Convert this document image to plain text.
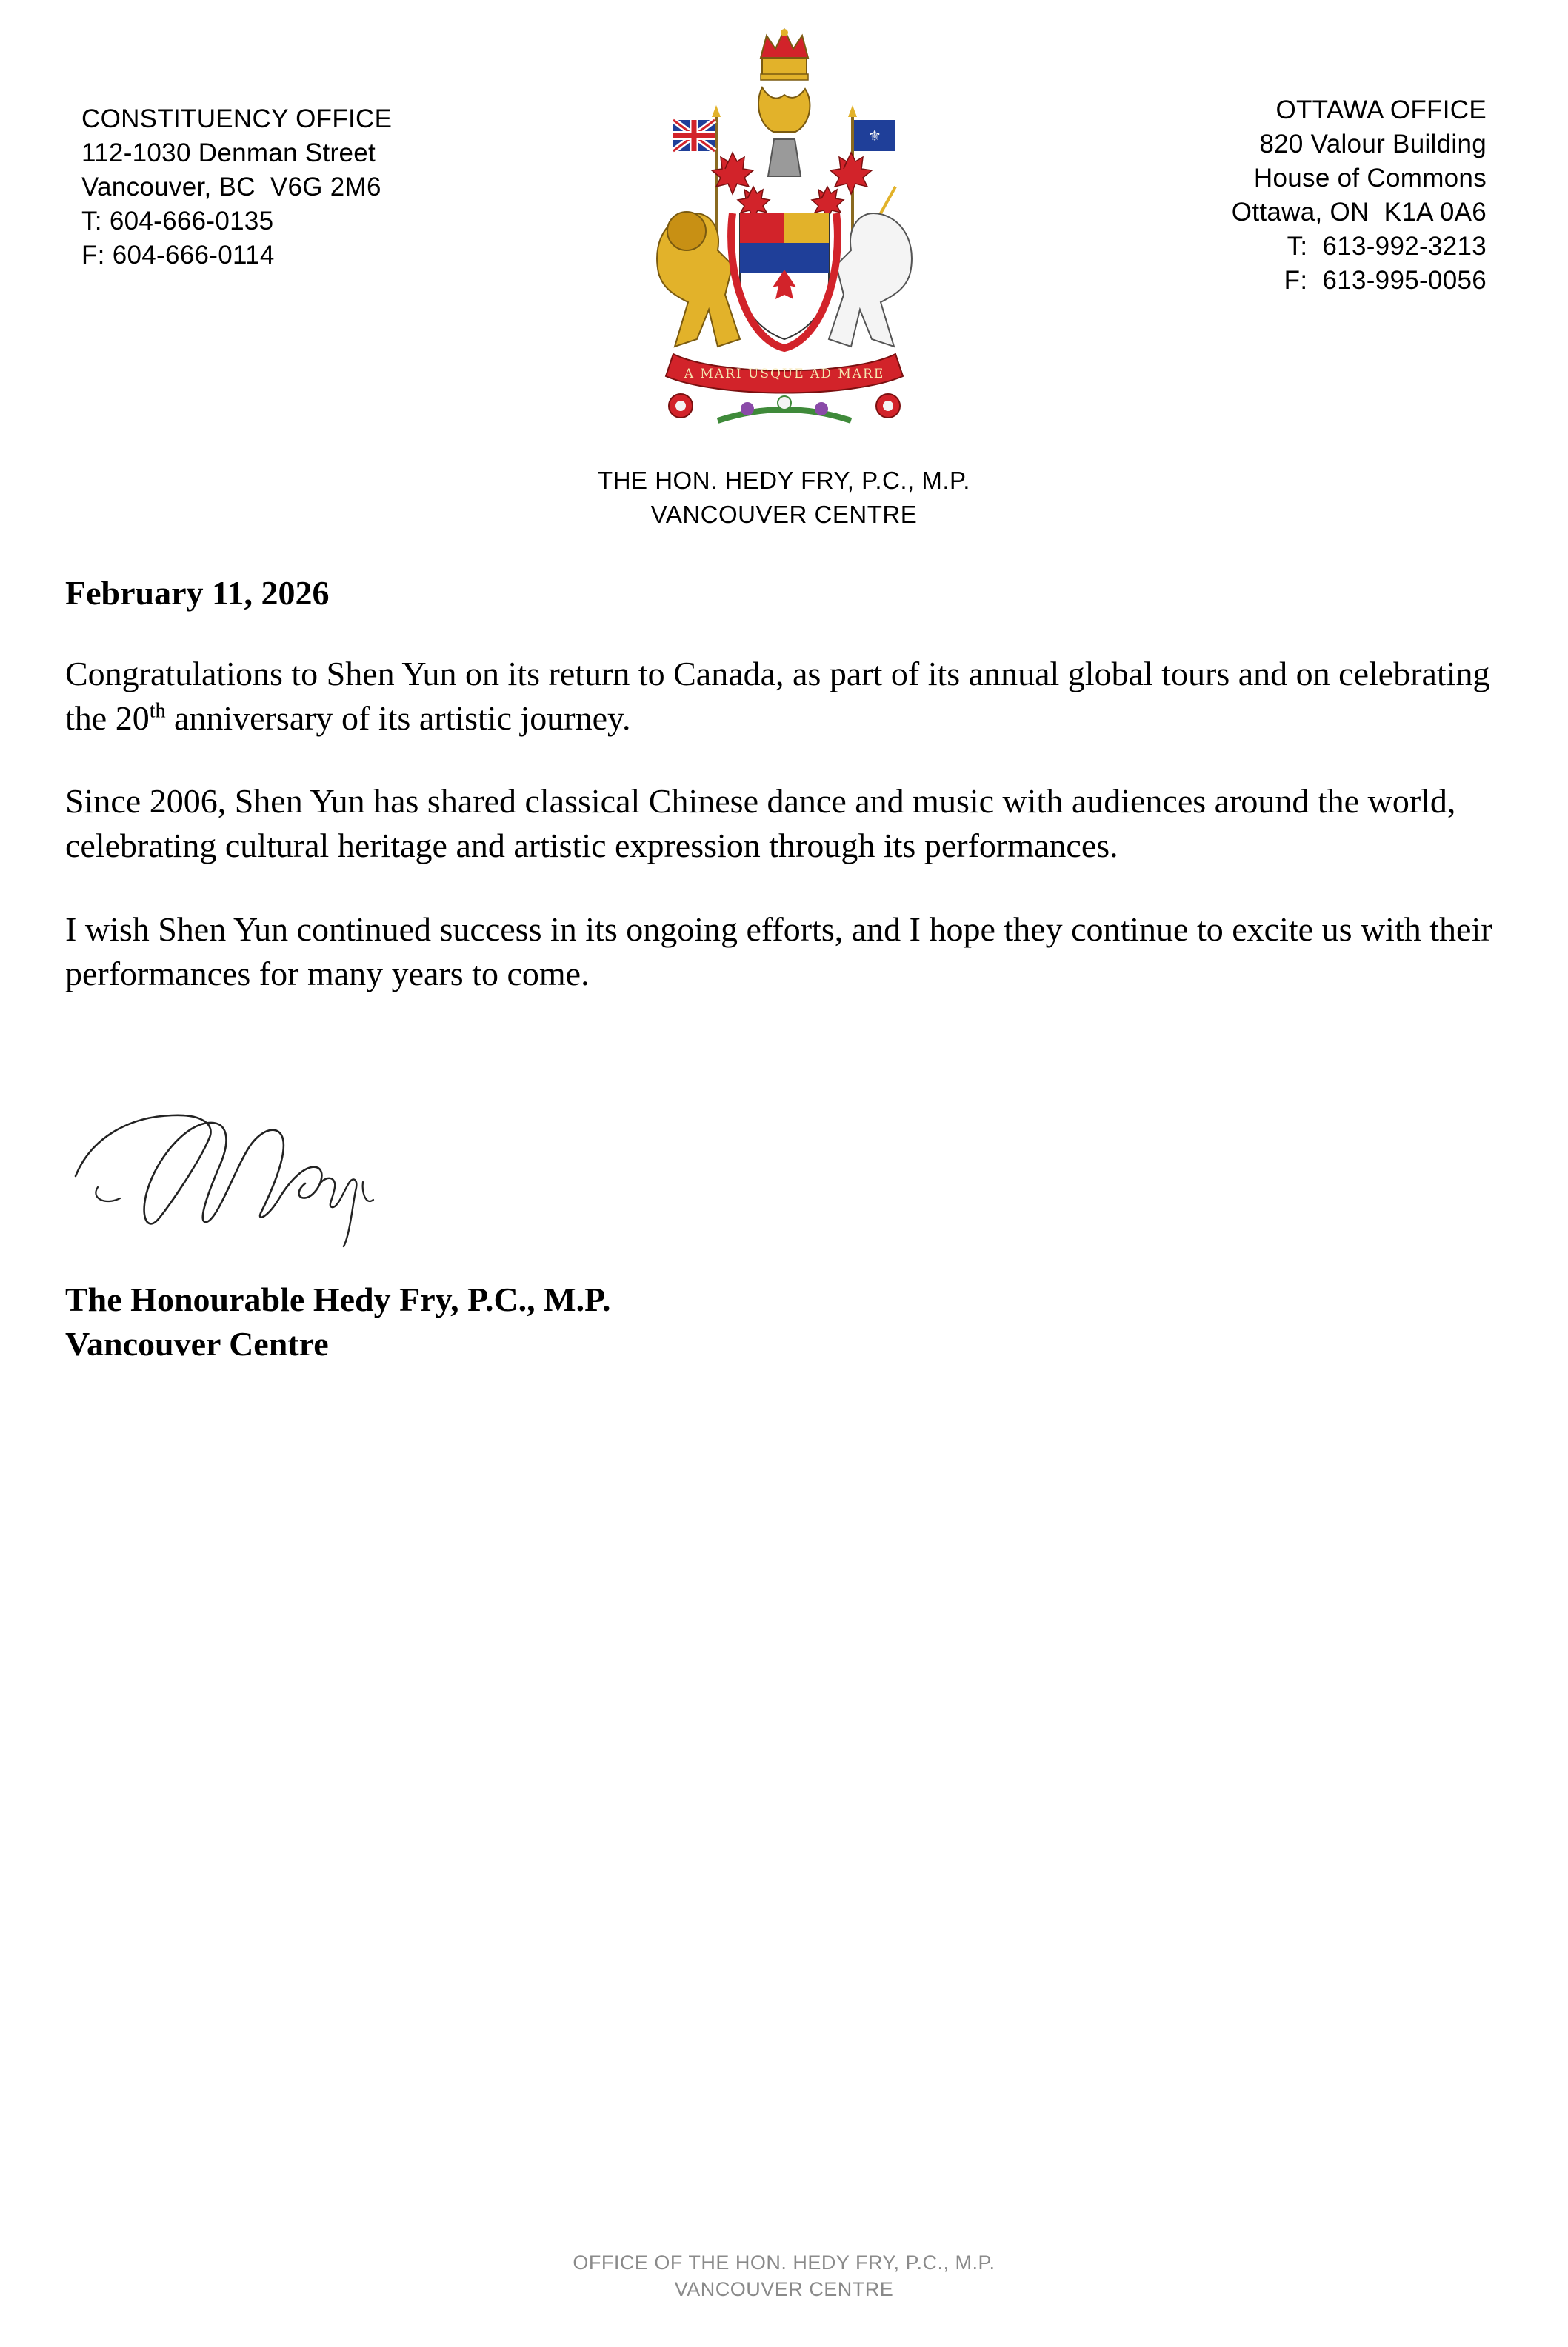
CONSTITUENCY OFFICE
112-1030 Denman Street
Vancouver, BC  V6G 2M6
T: 604-666-0135
F: 604-666-0114
OTTAWA OFFICE
820 Valour Building
House of Commons
Ottawa, ON  K1A 0A6
T:  613-992-3213
F:  613-995-0056
⚜
A MARI USQUE AD MARE
THE HON. HEDY FRY, P.C., M.P.
VANCOUVER CENTRE
February 11, 2026
Congratulations to Shen Yun on its return to Canada, as part of its annual global tours and on celebrating the 20th anniversary of its artistic journey.
Since 2006, Shen Yun has shared classical Chinese dance and music with audiences around the world, celebrating cultural heritage and artistic expression through its performances.
I wish Shen Yun continued success in its ongoing efforts, and I hope they continue to excite us with their performances for many years to come.
The Honourable Hedy Fry, P.C., M.P.
Vancouver Centre
OFFICE OF THE HON. HEDY FRY, P.C., M.P.
VANCOUVER CENTRE
